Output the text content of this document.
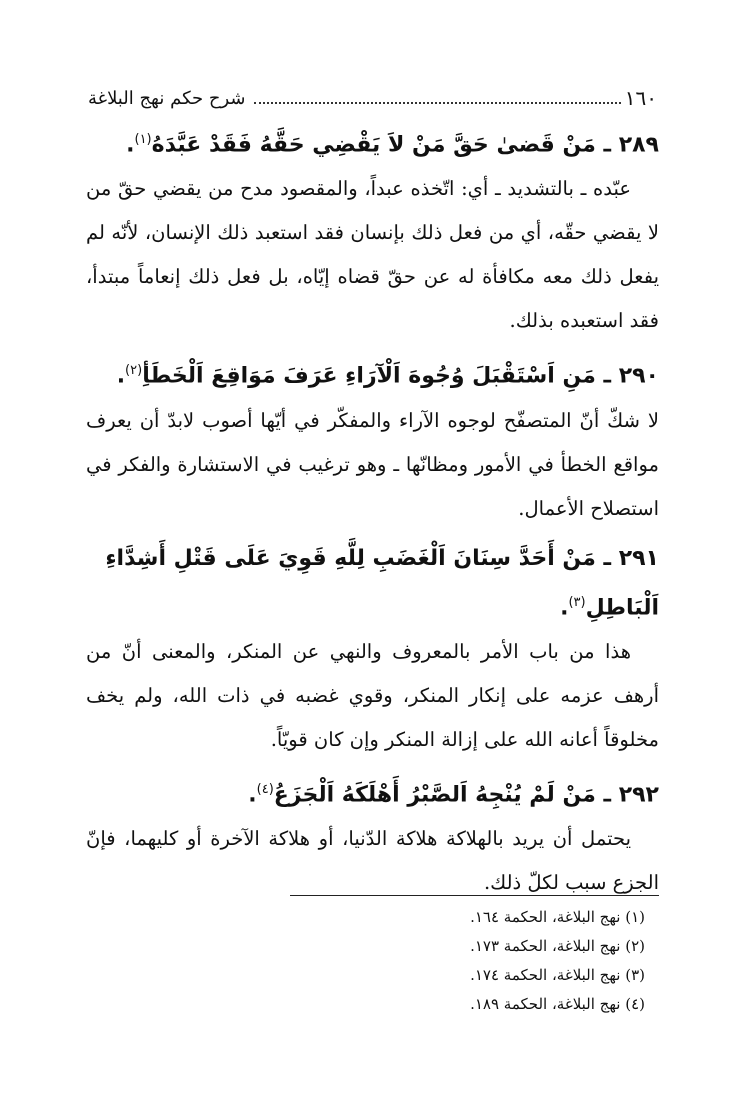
١٦٠
شرح حكم نهج البلاغة

٢٨٩ ـ مَنْ قَضىٰ حَقَّ مَنْ لاَ يَقْضِي حَقَّهُ فَقَدْ عَبَّدَهُ$^{(١)}$.

عبّده ـ بالتشديد ـ أي: اتّخذه عبداً، والمقصود مدح من يقضي حقّ من لا يقضي حقّه، أي من فعل ذلك بإنسان فقد استعبد ذلك الإنسان، لأنّه لم يفعل ذلك معه مكافأة له عن حقّ قضاه إيّاه، بل فعل ذلك إنعاماً مبتدأ، فقد استعبده بذلك.

٢٩٠ ـ مَنِ اَسْتَقْبَلَ وُجُوهَ اَلْآرَاءِ عَرَفَ مَوَاقِعَ اَلْخَطَأِ$^{(٢)}$.

لا شكّ أنّ المتصفّح لوجوه الآراء والمفكّر في أيّها أصوب لابدّ أن يعرف مواقع الخطأ في الأمور ومظانّها ـ وهو ترغيب في الاستشارة والفكر في استصلاح الأعمال.

٢٩١ ـ مَنْ أَحَدَّ سِنَانَ اَلْغَضَبِ لِلَّهِ قَوِيَ عَلَى قَتْلِ أَشِدَّاءِ اَلْبَاطِلِ$^{(٣)}$.

هذا من باب الأمر بالمعروف والنهي عن المنكر، والمعنى أنّ من أرهف عزمه على إنكار المنكر، وقوي غضبه في ذات الله، ولم يخف مخلوقاً أعانه الله على إزالة المنكر وإن كان قويّاً.

٢٩٢ ـ مَنْ لَمْ يُنْجِهُ اَلصَّبْرُ أَهْلَكَهُ اَلْجَزَعُ$^{(٤)}$.

يحتمل أن يريد بالهلاكة هلاكة الدّنيا، أو هلاكة الآخرة أو كليهما، فإنّ الجزع سبب لكلّ ذلك.

(١) نهج البلاغة، الحكمة ١٦٤.
(٢) نهج البلاغة، الحكمة ١٧٣.
(٣) نهج البلاغة، الحكمة ١٧٤.
(٤) نهج البلاغة، الحكمة ١٨٩.
